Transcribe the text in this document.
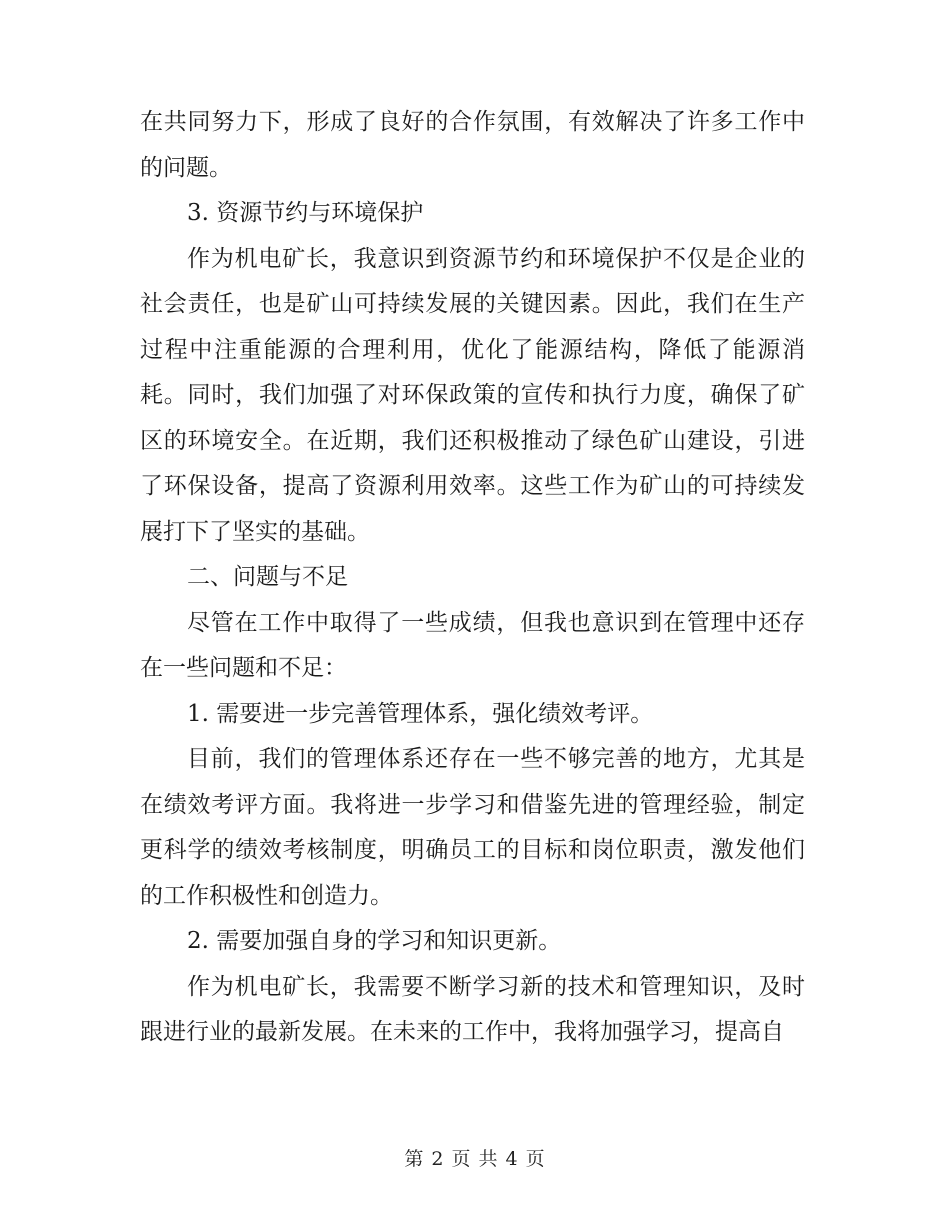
在共同努力下，形成了良好的合作氛围，有效解决了许多工作中的问题。

3. 资源节约与环境保护

作为机电矿长，我意识到资源节约和环境保护不仅是企业的社会责任，也是矿山可持续发展的关键因素。因此，我们在生产过程中注重能源的合理利用，优化了能源结构，降低了能源消耗。同时，我们加强了对环保政策的宣传和执行力度，确保了矿区的环境安全。在近期，我们还积极推动了绿色矿山建设，引进了环保设备，提高了资源利用效率。这些工作为矿山的可持续发展打下了坚实的基础。

二、问题与不足

尽管在工作中取得了一些成绩，但我也意识到在管理中还存在一些问题和不足：

1. 需要进一步完善管理体系，强化绩效考评。

目前，我们的管理体系还存在一些不够完善的地方，尤其是在绩效考评方面。我将进一步学习和借鉴先进的管理经验，制定更科学的绩效考核制度，明确员工的目标和岗位职责，激发他们的工作积极性和创造力。

2. 需要加强自身的学习和知识更新。

作为机电矿长，我需要不断学习新的技术和管理知识，及时跟进行业的最新发展。在未来的工作中，我将加强学习，提高自

第 2 页 共 4 页
